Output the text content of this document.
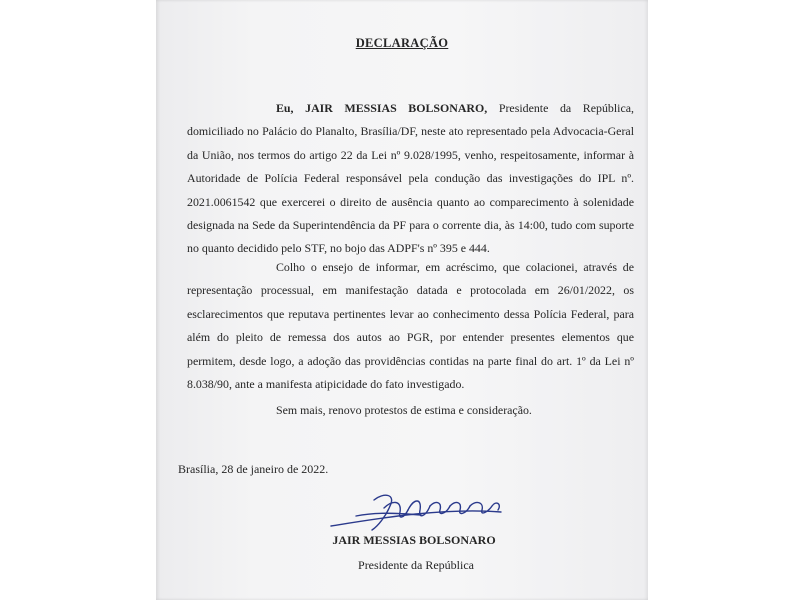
DECLARAÇÃO

Eu, JAIR MESSIAS BOLSONARO, Presidente da República, domiciliado no Palácio do Planalto, Brasília/DF, neste ato representado pela Advocacia-Geral da União, nos termos do artigo 22 da Lei nº 9.028/1995, venho, respeitosamente, informar à Autoridade de Polícia Federal responsável pela condução das investigações do IPL nº. 2021.0061542 que exercerei o direito de ausência quanto ao comparecimento à solenidade designada na Sede da Superintendência da PF para o corrente dia, às 14:00, tudo com suporte no quanto decidido pelo STF, no bojo das ADPF's nº 395 e 444.

Colho o ensejo de informar, em acréscimo, que colacionei, através de representação processual, em manifestação datada e protocolada em 26/01/2022, os esclarecimentos que reputava pertinentes levar ao conhecimento dessa Polícia Federal, para além do pleito de remessa dos autos ao PGR, por entender presentes elementos que permitem, desde logo, a adoção das providências contidas na parte final do art. 1º da Lei nº 8.038/90, ante a manifesta atipicidade do fato investigado.

Sem mais, renovo protestos de estima e consideração.

Brasília, 28 de janeiro de 2022.
JAIR MESSIAS BOLSONARO
Presidente da República
